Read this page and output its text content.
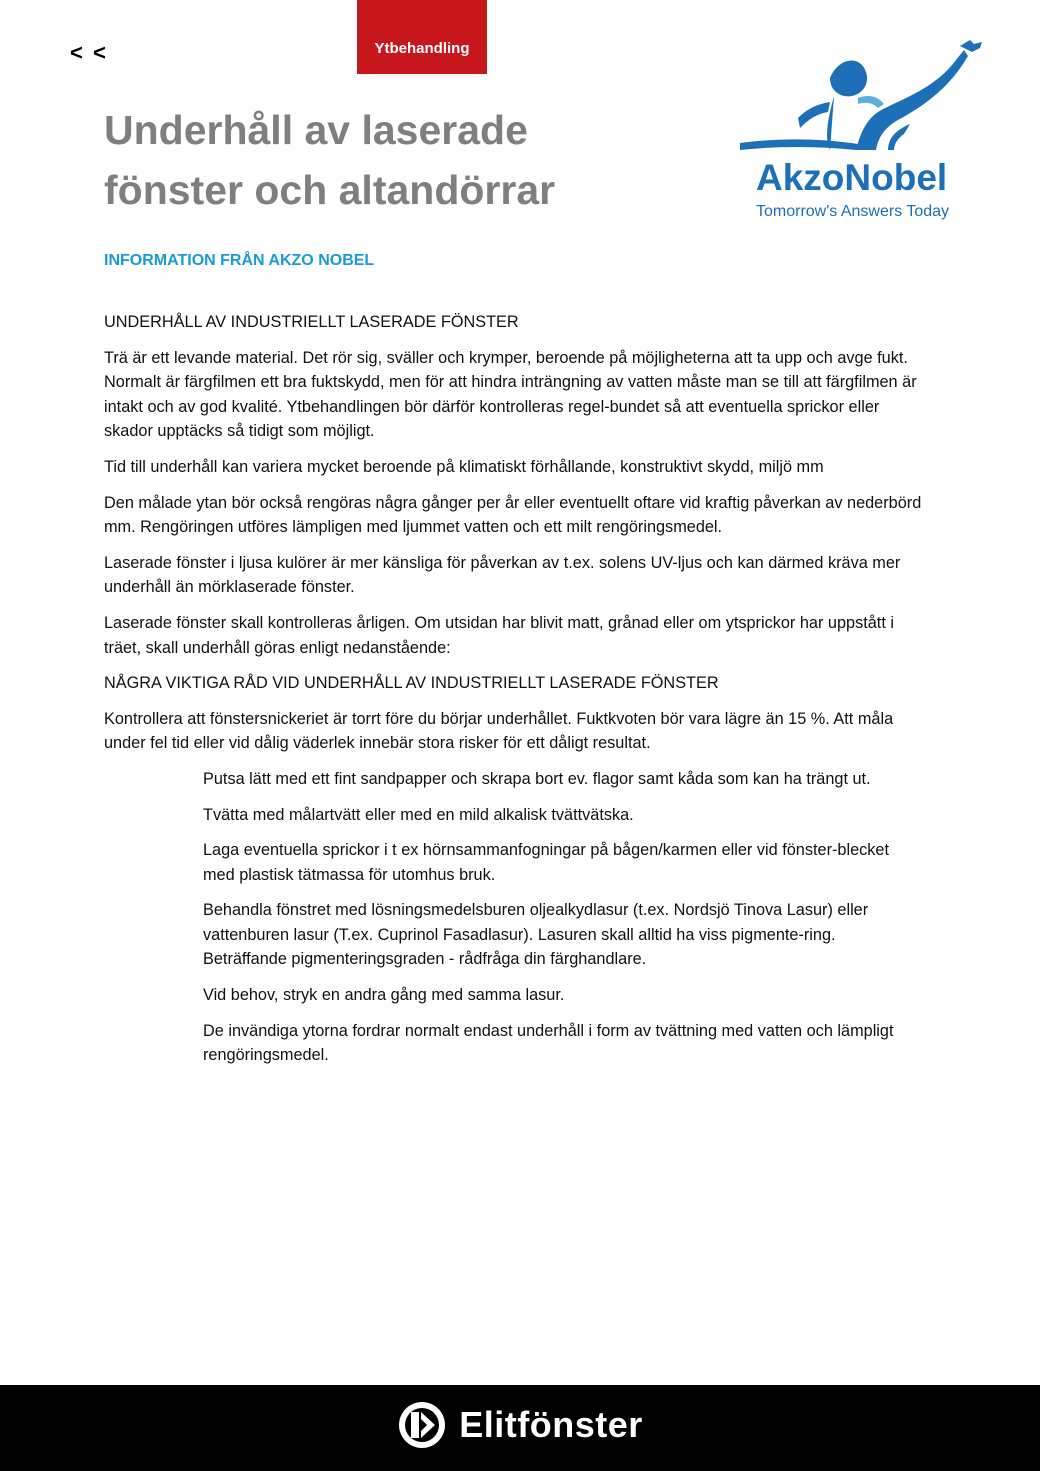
< <	Ytbehandling
Underhåll av laserade
fönster och altandörrar	AkzoNobel
Tomorrow's Answers Today
INFORMATION FRÅN AKZO NOBEL
UNDERHÅLL AV INDUSTRIELLT LASERADE FÖNSTER

Trä är ett levande material. Det rör sig, sväller och krymper, beroende på möjligheterna att ta upp och avge fukt. Normalt är färgfilmen ett bra fuktskydd, men för att hindra inträngning av vatten måste man se till att färgfilmen är intakt och av god kvalité. Ytbehandlingen bör därför kontrolleras regel-bundet så att eventuella sprickor eller skador upptäcks så tidigt som möjligt.

Tid till underhåll kan variera mycket beroende på klimatiskt förhållande, konstruktivt skydd, miljö mm

Den målade ytan bör också rengöras några gånger per år eller eventuellt oftare vid kraftig påverkan av nederbörd mm. Rengöringen utföres lämpligen med ljummet vatten och ett milt rengöringsmedel.

Laserade fönster i ljusa kulörer är mer känsliga för påverkan av t.ex. solens UV-ljus och kan därmed kräva mer underhåll än mörklaserade fönster.

Laserade fönster skall kontrolleras årligen. Om utsidan har blivit matt, grånad eller om ytsprickor har uppstått i träet, skall underhåll göras enligt nedanstående:

NÅGRA VIKTIGA RÅD VID UNDERHÅLL AV INDUSTRIELLT LASERADE FÖNSTER

Kontrollera att fönstersnickeriet är torrt före du börjar underhållet. Fuktkvoten bör vara lägre än 15 %. Att måla under fel tid eller vid dålig väderlek innebär stora risker för ett dåligt resultat.

Putsa lätt med ett fint sandpapper och skrapa bort ev. flagor samt kåda som kan ha trängt ut.

Tvätta med målartvätt eller med en mild alkalisk tvättvätska.

Laga eventuella sprickor i t ex hörnsammanfogningar på bågen/karmen eller vid fönster-blecket med plastisk tätmassa för utomhus bruk.

Behandla fönstret med lösningsmedelsburen oljealkydlasur (t.ex. Nordsjö Tinova Lasur) eller vattenburen lasur (T.ex. Cuprinol Fasadlasur). Lasuren skall alltid ha viss pigmente-ring. Beträffande pigmenteringsgraden - rådfråga din färghandlare.

Vid behov, stryk en andra gång med samma lasur.

De invändiga ytorna fordrar normalt endast underhåll i form av tvättning med vatten och lämpligt rengöringsmedel.

Elitfönster
